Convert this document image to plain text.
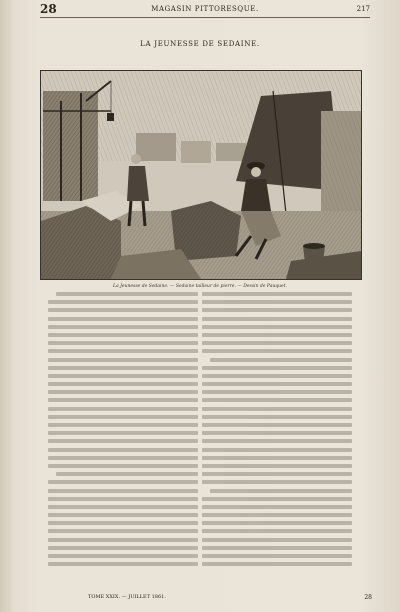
28	MAGASIN PITTORESQUE.	217
LA JEUNESSE DE SEDAINE.
La Jeunesse de Sedaine. — Sedaine tailleur de pierre. — Dessin de Pauquet.
TOME XXIX. — JUILLET 1861.	28
